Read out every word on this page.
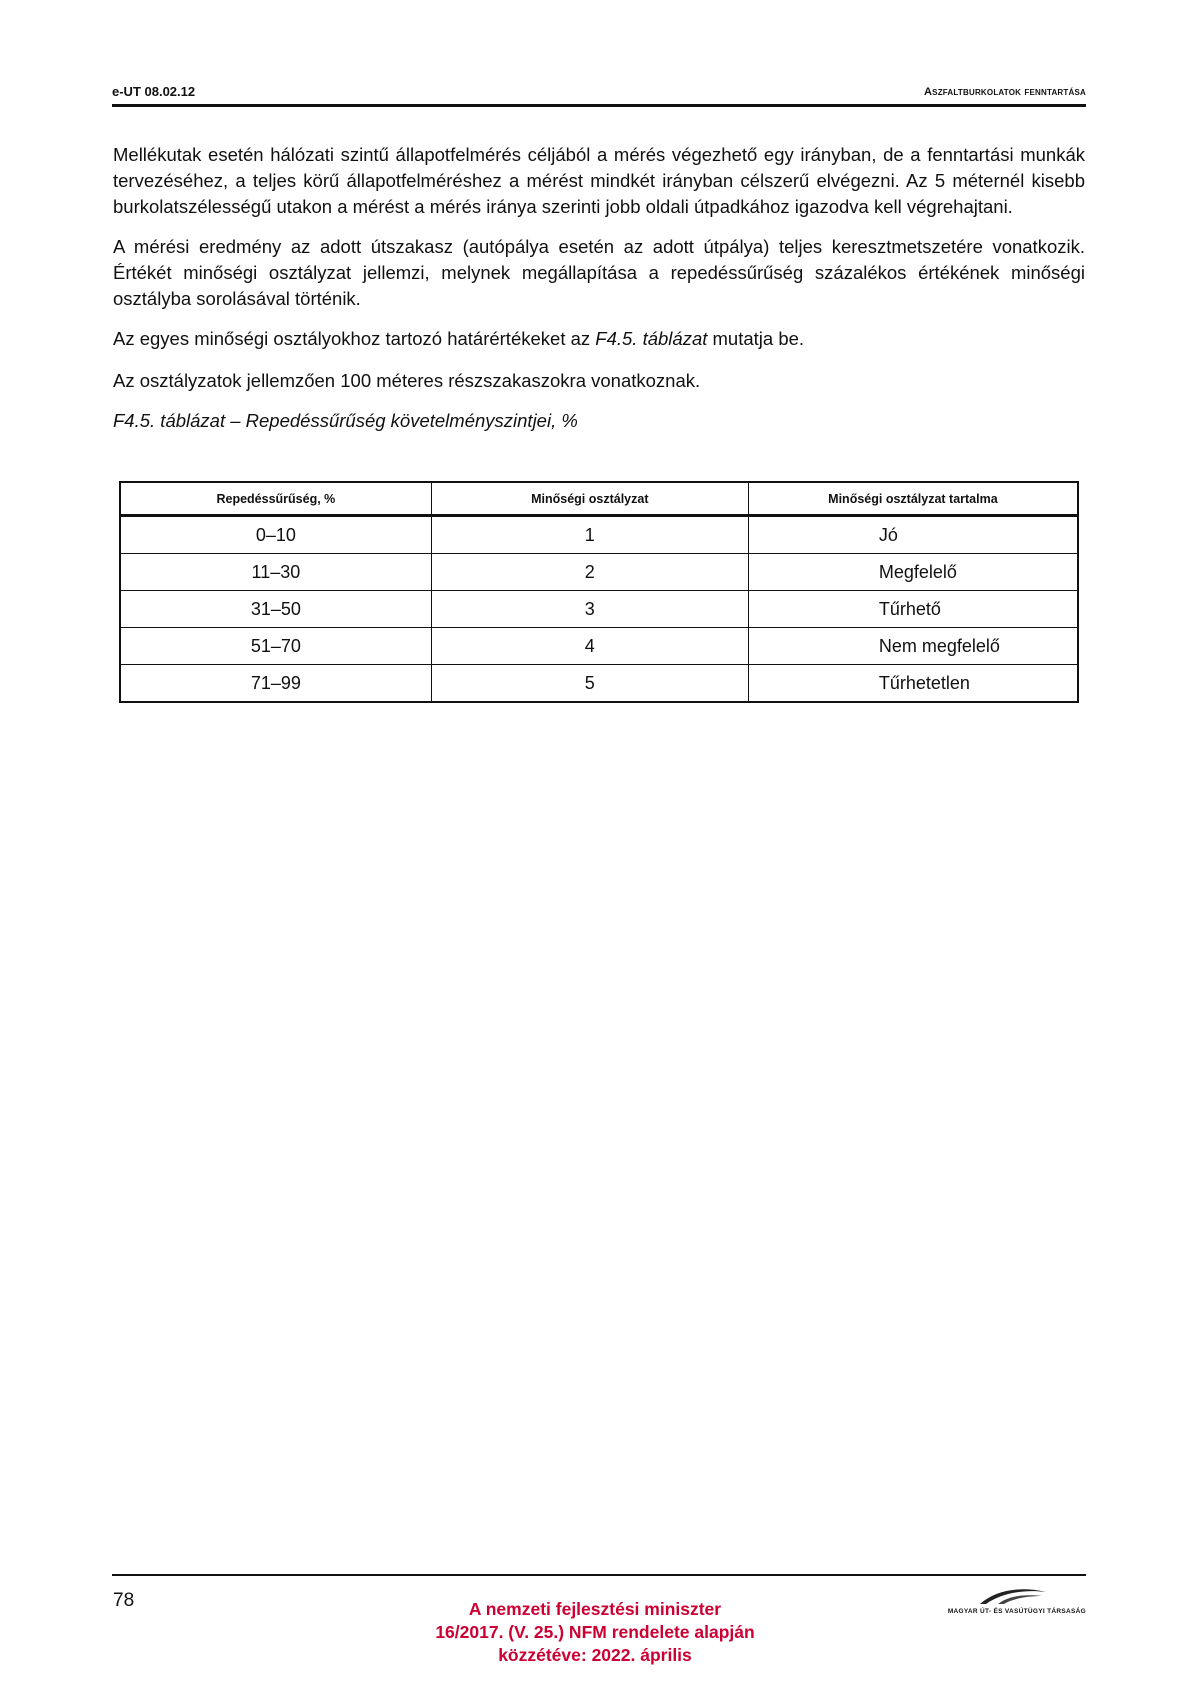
e-UT 08.02.12	Aszfaltburkolatok fenntartása

Mellékutak esetén hálózati szintű állapotfelmérés céljából a mérés végezhető egy irányban, de a fenntartási munkák tervezéséhez, a teljes körű állapotfelméréshez a mérést mindkét irányban célszerű elvégezni. Az 5 méternél kisebb burkolatszélességű utakon a mérést a mérés iránya szerinti jobb oldali útpadkához igazodva kell végrehajtani.

A mérési eredmény az adott útszakasz (autópálya esetén az adott útpálya) teljes keresztmetszetére vonatkozik. Értékét minőségi osztályzat jellemzi, melynek megállapítása a repedéssűrűség százalékos értékének minőségi osztályba sorolásával történik.

Az egyes minőségi osztályokhoz tartozó határértékeket az F4.5. táblázat mutatja be.

Az osztályzatok jellemzően 100 méteres részszakaszokra vonatkoznak.

F4.5. táblázat – Repedéssűrűség követelményszintjei, %
Repedéssűrűség, %	Minőségi osztályzat	Minőségi osztályzat tartalma
0–10	1	Jó
11–30	2	Megfelelő
31–50	3	Tűrhető
51–70	4	Nem megfelelő
71–99	5	Tűrhetetlen
78	A nemzeti fejlesztési miniszter
16/2017. (V. 25.) NFM rendelete alapján
közzétéve: 2022. április
MAGYAR ÚT- ÉS VASÚTÜGYI TÁRSASÁG
